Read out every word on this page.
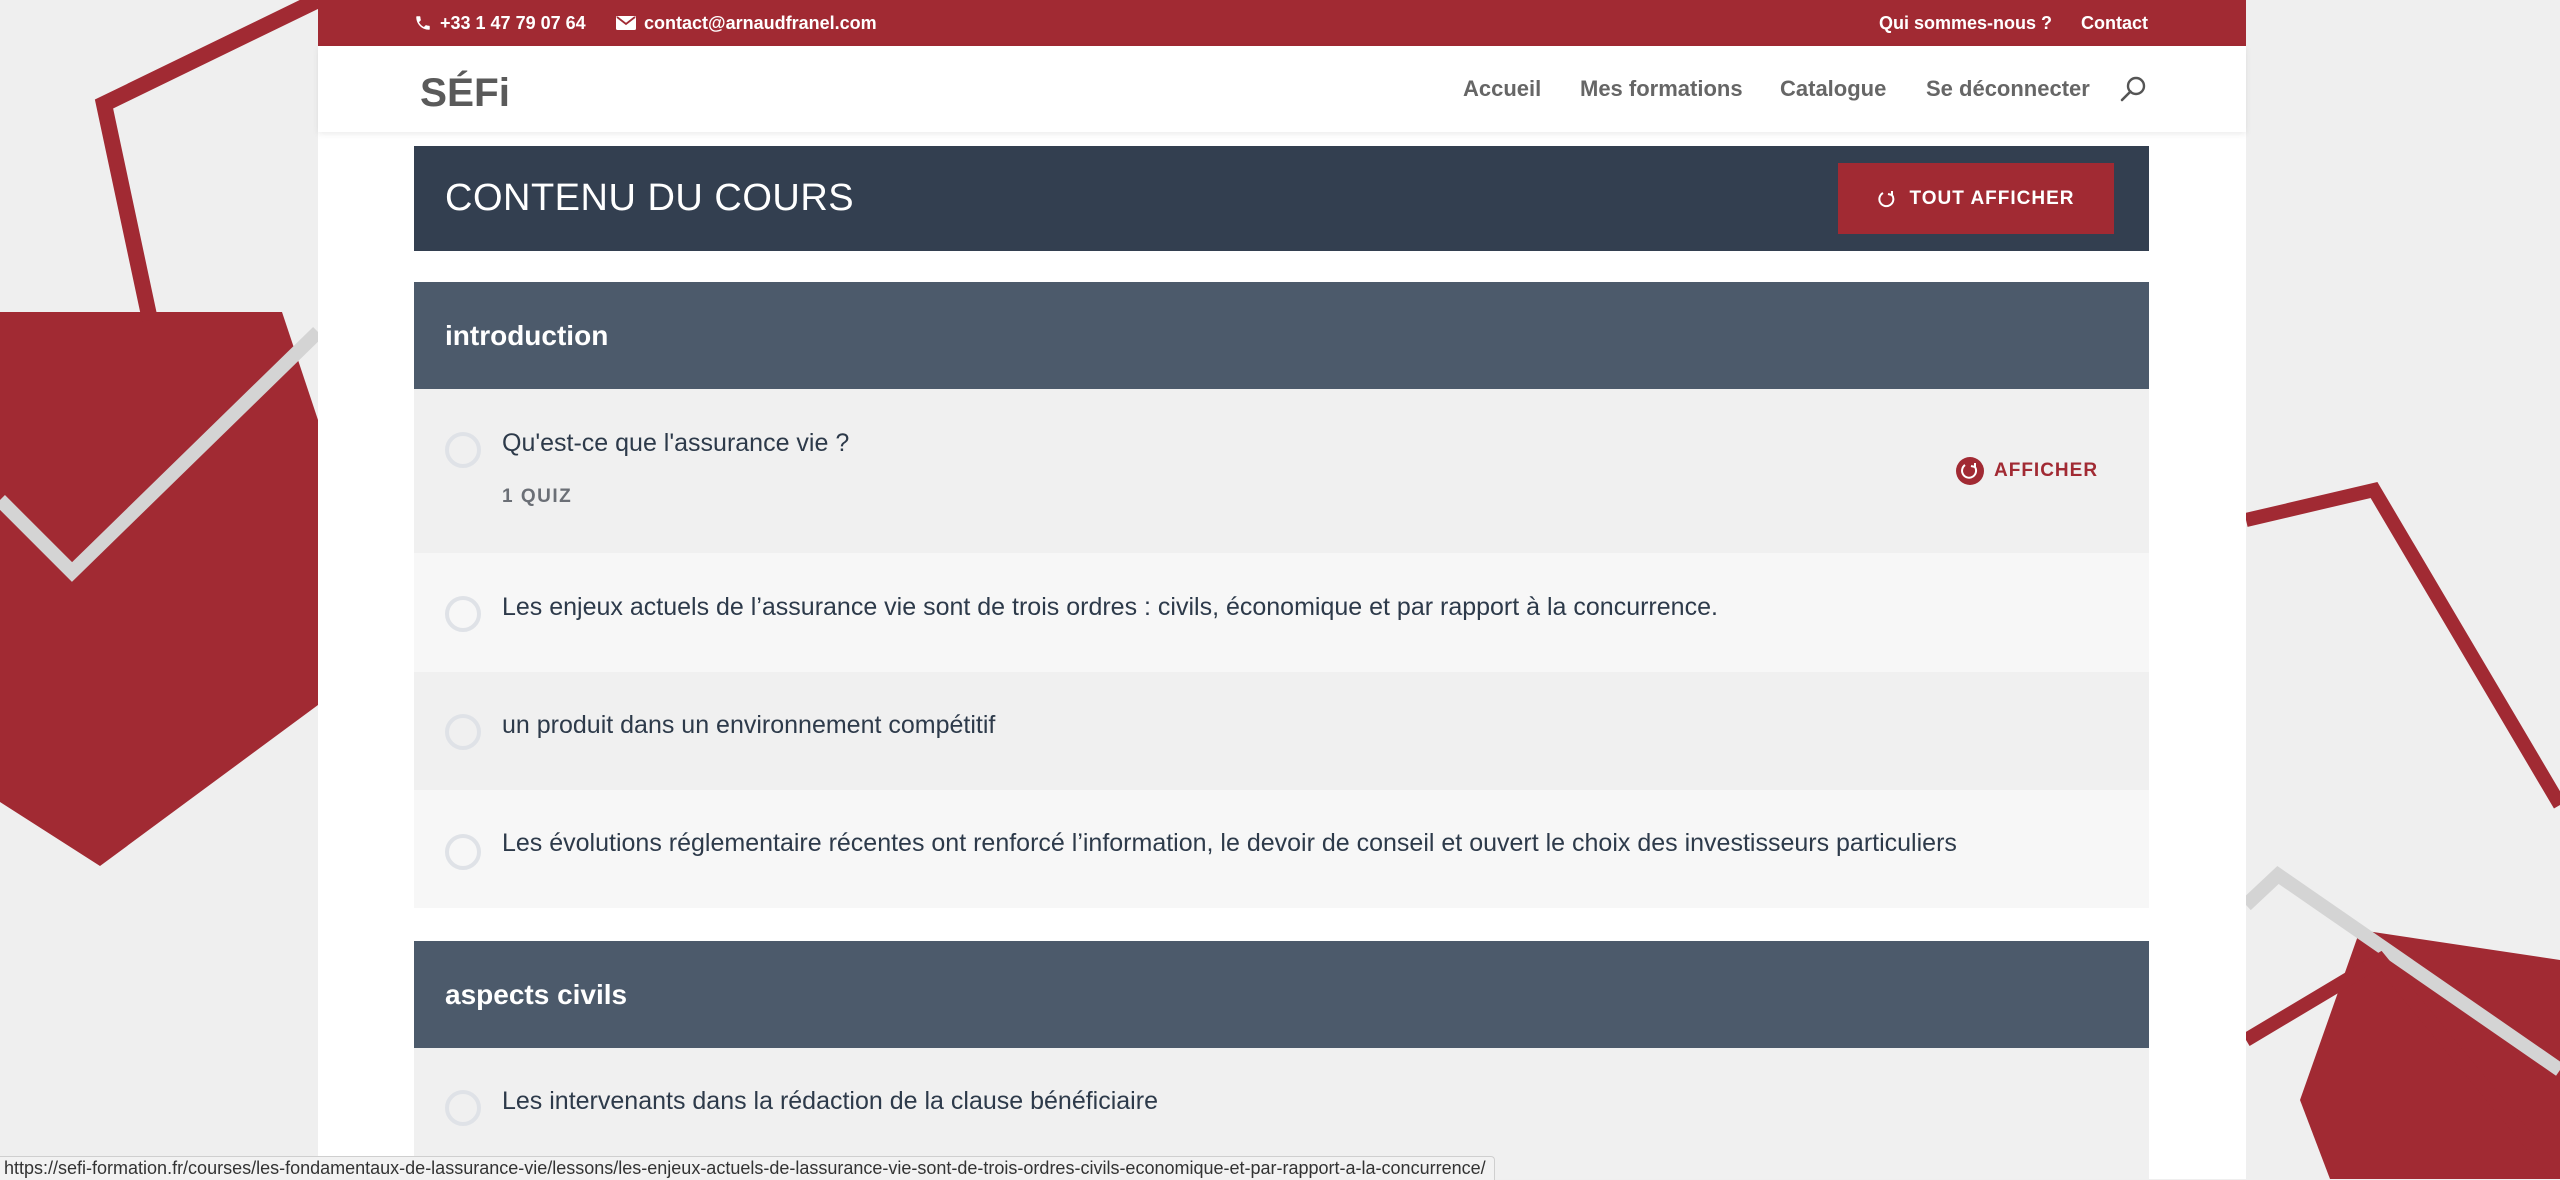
+33 1 47 79 07 64	contact@arnaudfranel.com	Qui sommes-nous ? Contact
SÉFi	Accueil Mes formations Catalogue Se déconnecter
CONTENU DU COURS	TOUT AFFICHER
introduction
Qu'est-ce que l'assurance vie ?
1 QUIZ
AFFICHER
Les enjeux actuels de l’assurance vie sont de trois ordres : civils, économique et par rapport à la concurrence.
un produit dans un environnement compétitif
Les évolutions réglementaire récentes ont renforcé l’information, le devoir de conseil et ouvert le choix des investisseurs particuliers
aspects civils
Les intervenants dans la rédaction de la clause bénéficiaire
https://sefi-formation.fr/courses/les-fondamentaux-de-lassurance-vie/lessons/les-enjeux-actuels-de-lassurance-vie-sont-de-trois-ordres-civils-economique-et-par-rapport-a-la-concurrence/
